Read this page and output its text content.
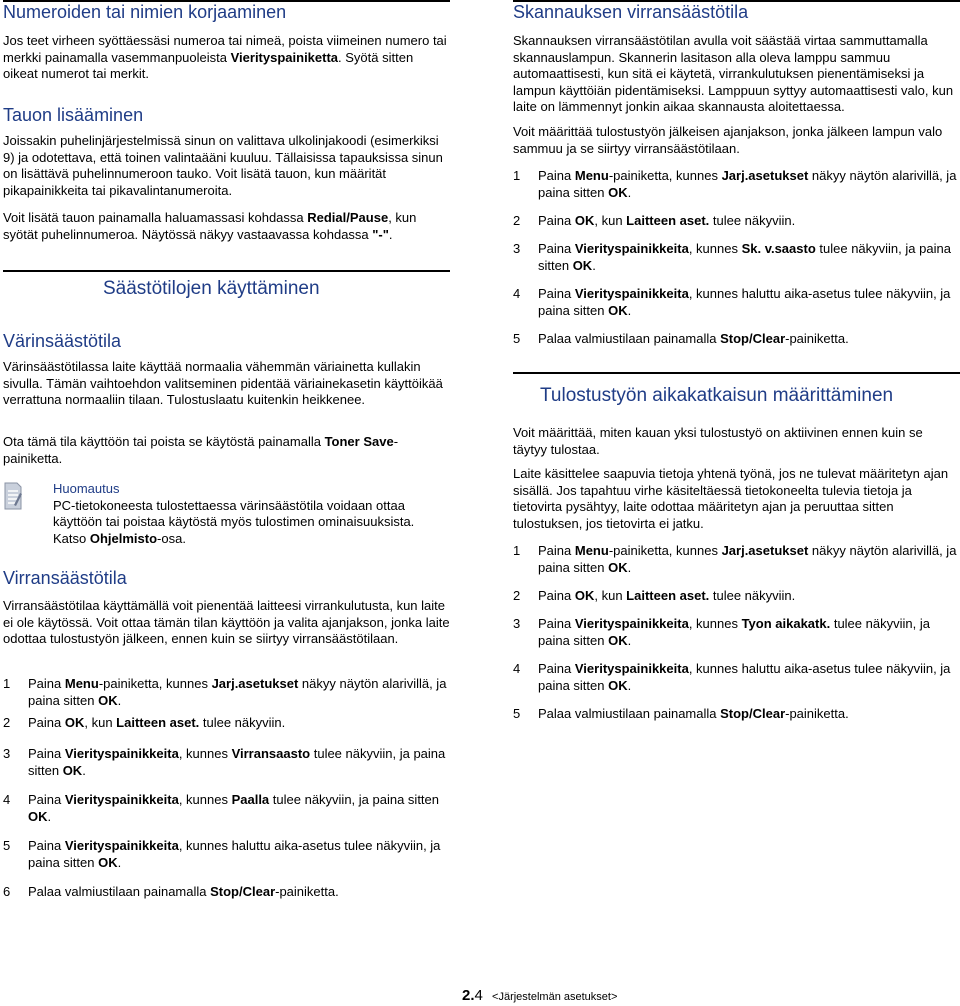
Numeroiden tai nimien korjaaminen

Jos teet virheen syöttäessäsi numeroa tai nimeä, poista viimeinen numero tai merkki painamalla vasemmanpuoleista Vierityspainiketta. Syötä sitten oikeat numerot tai merkit.

Tauon lisääminen

Joissakin puhelinjärjestelmissä sinun on valittava ulkolinjakoodi (esimerkiksi 9) ja odotettava, että toinen valintaääni kuuluu. Tällaisissa tapauksissa sinun on lisättävä puhelinnumeroon tauko. Voit lisätä tauon, kun määrität pikapainikkeita tai pikavalintanumeroita.

Voit lisätä tauon painamalla haluamassasi kohdassa Redial/Pause, kun syötät puhelinnumeroa. Näytössä näkyy vastaavassa kohdassa "-".

Säästötilojen käyttäminen
Värinsäästötila

Värinsäästötilassa laite käyttää normaalia vähemmän väriainetta kullakin sivulla. Tämän vaihtoehdon valitseminen pidentää väriainekasetin käyttöikää verrattuna normaaliin tilaan. Tulostuslaatu kuitenkin heikkenee.

Ota tämä tila käyttöön tai poista se käytöstä painamalla Toner Save-painiketta.

Huomautus

PC-tietokoneesta tulostettaessa värinsäästötila voidaan ottaa käyttöön tai poistaa käytöstä myös tulostimen ominaisuuksista. Katso Ohjelmisto-osa.

Virransäästötila

Virransäästötilaa käyttämällä voit pienentää laitteesi virrankulutusta, kun laite ei ole käytössä. Voit ottaa tämän tilan käyttöön ja valita ajanjakson, jonka laite odottaa tulostustyön jälkeen, ennen kuin se siirtyy virransäästötilaan.

1 Paina Menu-painiketta, kunnes Jarj.asetukset näkyy näytön alarivillä, ja paina sitten OK.
2 Paina OK, kun Laitteen aset. tulee näkyviin.
3 Paina Vierityspainikkeita, kunnes Virransaasto tulee näkyviin, ja paina sitten OK.
4 Paina Vierityspainikkeita, kunnes Paalla tulee näkyviin, ja paina sitten OK.
5 Paina Vierityspainikkeita, kunnes haluttu aika-asetus tulee näkyviin, ja paina sitten OK.
6 Palaa valmiustilaan painamalla Stop/Clear-painiketta.
Skannauksen virransäästötila

Skannauksen virransäästötilan avulla voit säästää virtaa sammuttamalla skannauslampun. Skannerin lasitason alla oleva lamppu sammuu automaattisesti, kun sitä ei käytetä, virrankulutuksen pienentämiseksi ja lampun käyttöiän pidentämiseksi. Lamppuun syttyy automaattisesti valo, kun laite on lämmennyt jonkin aikaa skannausta aloitettaessa.

Voit määrittää tulostustyön jälkeisen ajanjakson, jonka jälkeen lampun valo sammuu ja se siirtyy virransäästötilaan.

1 Paina Menu-painiketta, kunnes Jarj.asetukset näkyy näytön alarivillä, ja paina sitten OK.
2 Paina OK, kun Laitteen aset. tulee näkyviin.
3 Paina Vierityspainikkeita, kunnes Sk. v.saasto tulee näkyviin, ja paina sitten OK.
4 Paina Vierityspainikkeita, kunnes haluttu aika-asetus tulee näkyviin, ja paina sitten OK.
5 Palaa valmiustilaan painamalla Stop/Clear-painiketta.
Tulostustyön aikakatkaisun määrittäminen

Voit määrittää, miten kauan yksi tulostustyö on aktiivinen ennen kuin se täytyy tulostaa.

Laite käsittelee saapuvia tietoja yhtenä työnä, jos ne tulevat määritetyn ajan sisällä. Jos tapahtuu virhe käsiteltäessä tietokoneelta tulevia tietoja ja tietovirta pysähtyy, laite odottaa määritetyn ajan ja peruuttaa sitten tulostuksen, jos tietovirta ei jatku.

1 Paina Menu-painiketta, kunnes Jarj.asetukset näkyy näytön alarivillä, ja paina sitten OK.
2 Paina OK, kun Laitteen aset. tulee näkyviin.
3 Paina Vierityspainikkeita, kunnes Tyon aikakatk. tulee näkyviin, ja paina sitten OK.
4 Paina Vierityspainikkeita, kunnes haluttu aika-asetus tulee näkyviin, ja paina sitten OK.
5 Palaa valmiustilaan painamalla Stop/Clear-painiketta.
2.4 <Järjestelmän asetukset>
